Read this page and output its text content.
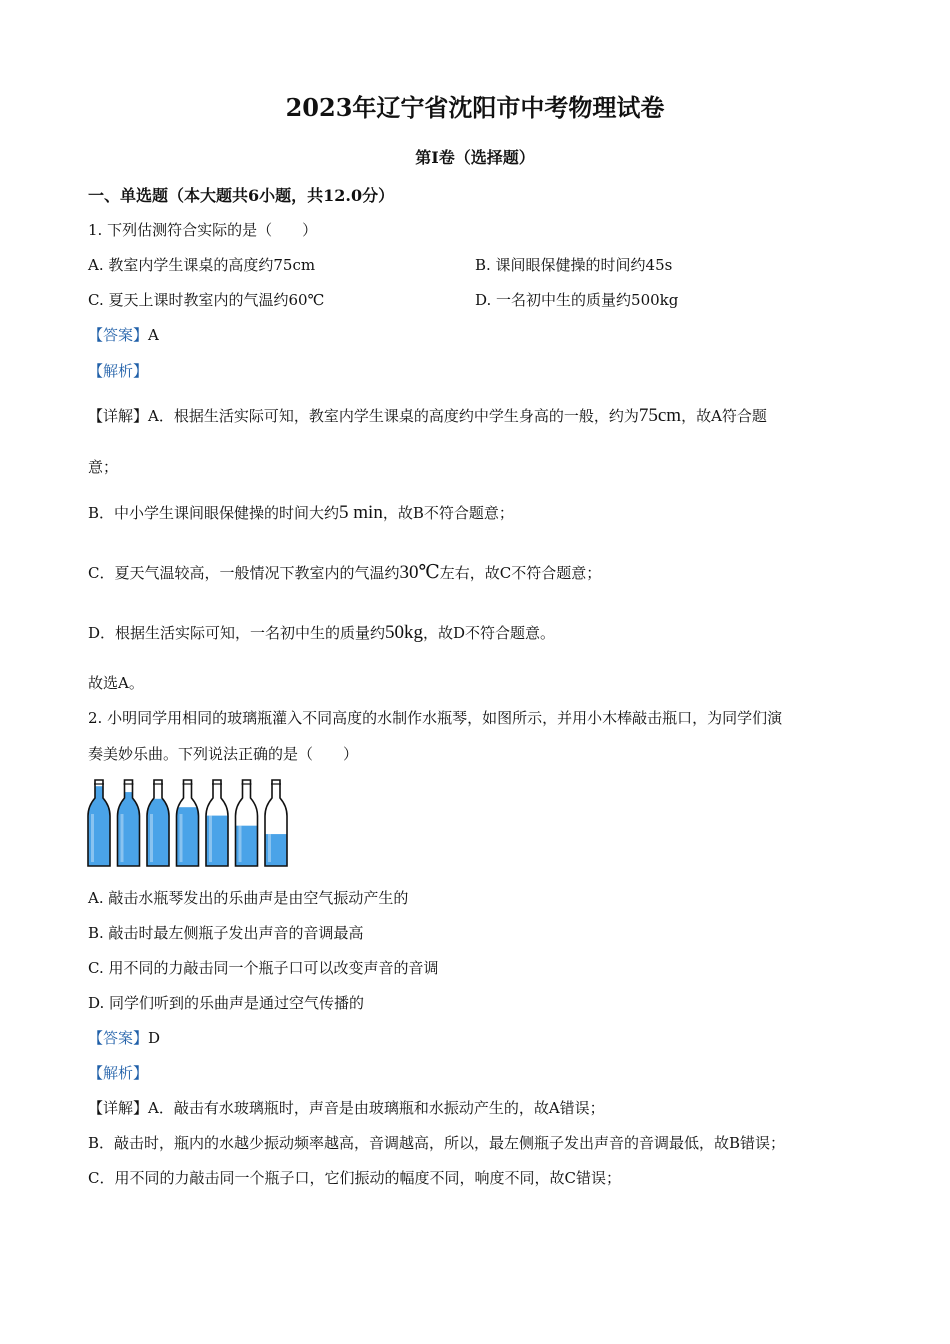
2023年辽宁省沈阳市中考物理试卷
第Ⅰ卷（选择题）
一、单选题（本大题共6小题，共12.0分）
1. 下列估测符合实际的是（　　）
A. 教室内学生课桌的高度约75cm	B. 课间眼保健操的时间约45s
C. 夏天上课时教室内的气温约60℃	D. 一名初中生的质量约500kg
【答案】A
【解析】
【详解】A．根据生活实际可知，教室内学生课桌的高度约中学生身高的一般，约为75cm，故A符合题
意；
B．中小学生课间眼保健操的时间大约5 min，故B不符合题意；
C．夏天气温较高，一般情况下教室内的气温约30℃左右，故C不符合题意；
D．根据生活实际可知，一名初中生的质量约50kg，故D不符合题意。
故选A。
2. 小明同学用相同的玻璃瓶灌入不同高度的水制作水瓶琴，如图所示，并用小木棒敲击瓶口，为同学们演
奏美妙乐曲。下列说法正确的是（　　）
A. 敲击水瓶琴发出的乐曲声是由空气振动产生的
B. 敲击时最左侧瓶子发出声音的音调最高
C. 用不同的力敲击同一个瓶子口可以改变声音的音调
D. 同学们听到的乐曲声是通过空气传播的
【答案】D
【解析】
【详解】A．敲击有水玻璃瓶时，声音是由玻璃瓶和水振动产生的，故A错误；
B．敲击时，瓶内的水越少振动频率越高，音调越高，所以，最左侧瓶子发出声音的音调最低，故B错误；
C．用不同的力敲击同一个瓶子口，它们振动的幅度不同，响度不同，故C错误；
